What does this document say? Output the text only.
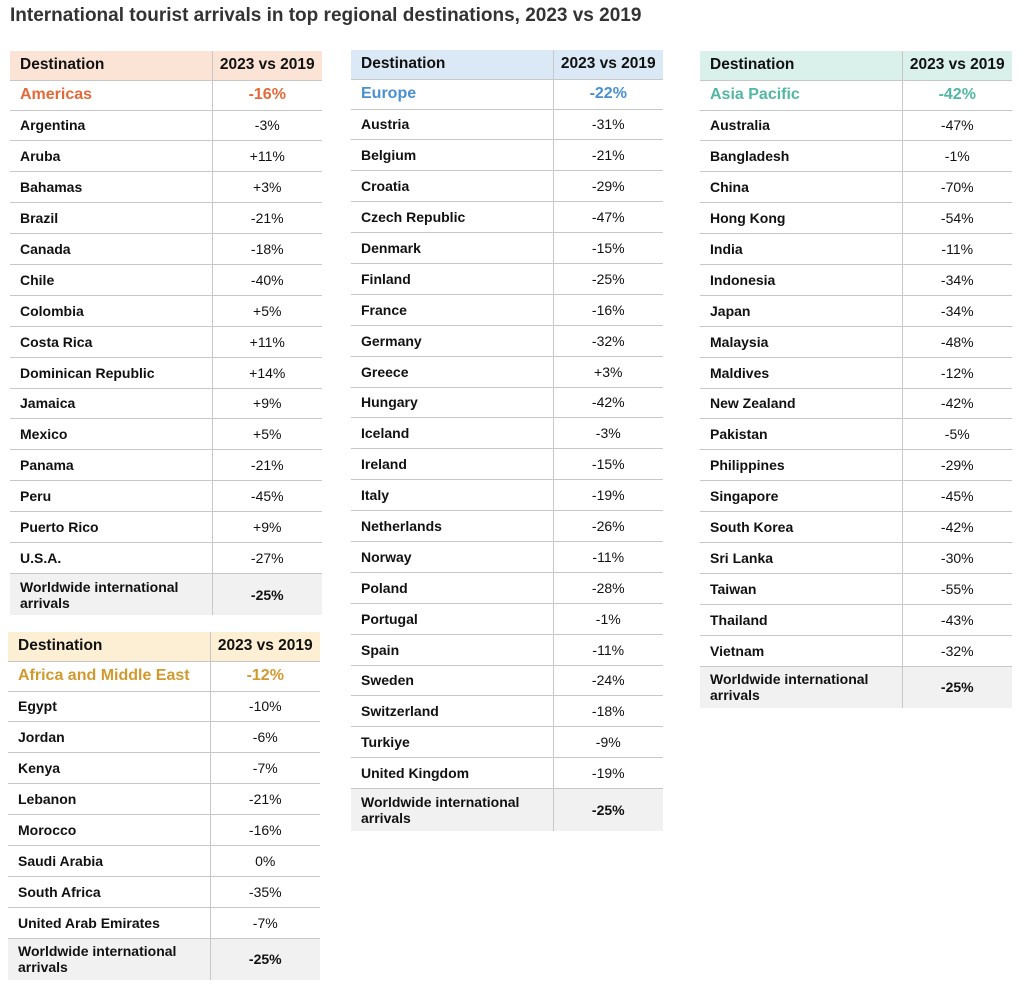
International tourist arrivals in top regional destinations, 2023 vs 2019
Destination	2023 vs 2019
Americas	-16%
Argentina	-3%
Aruba	+11%
Bahamas	+3%
Brazil	-21%
Canada	-18%
Chile	-40%
Colombia	+5%
Costa Rica	+11%
Dominican Republic	+14%
Jamaica	+9%
Mexico	+5%
Panama	-21%
Peru	-45%
Puerto Rico	+9%
U.S.A.	-27%
Worldwide international arrivals	-25%
Destination	2023 vs 2019
Europe	-22%
Austria	-31%
Belgium	-21%
Croatia	-29%
Czech Republic	-47%
Denmark	-15%
Finland	-25%
France	-16%
Germany	-32%
Greece	+3%
Hungary	-42%
Iceland	-3%
Ireland	-15%
Italy	-19%
Netherlands	-26%
Norway	-11%
Poland	-28%
Portugal	-1%
Spain	-11%
Sweden	-24%
Switzerland	-18%
Turkiye	-9%
United Kingdom	-19%
Worldwide international arrivals	-25%
Destination	2023 vs 2019
Asia Pacific	-42%
Australia	-47%
Bangladesh	-1%
China	-70%
Hong Kong	-54%
India	-11%
Indonesia	-34%
Japan	-34%
Malaysia	-48%
Maldives	-12%
New Zealand	-42%
Pakistan	-5%
Philippines	-29%
Singapore	-45%
South Korea	-42%
Sri Lanka	-30%
Taiwan	-55%
Thailand	-43%
Vietnam	-32%
Worldwide international arrivals	-25%
Destination	2023 vs 2019
Africa and Middle East	-12%
Egypt	-10%
Jordan	-6%
Kenya	-7%
Lebanon	-21%
Morocco	-16%
Saudi Arabia	0%
South Africa	-35%
United Arab Emirates	-7%
Worldwide international arrivals	-25%
